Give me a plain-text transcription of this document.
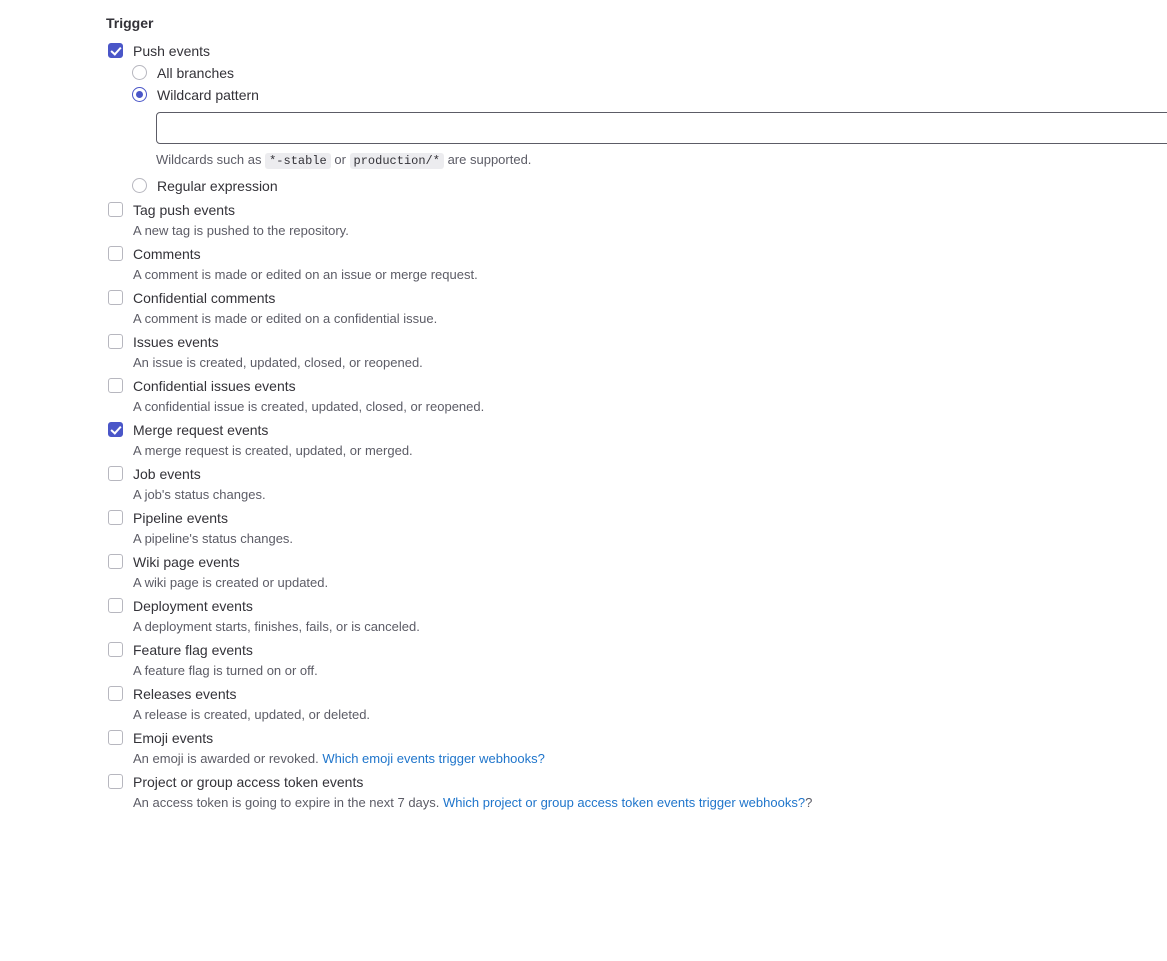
Trigger
Push events
All branches
Wildcard pattern
Wildcards such as *-stable or production/* are supported.
Regular expression
Tag push events
A new tag is pushed to the repository.
Comments
A comment is made or edited on an issue or merge request.
Confidential comments
A comment is made or edited on a confidential issue.
Issues events
An issue is created, updated, closed, or reopened.
Confidential issues events
A confidential issue is created, updated, closed, or reopened.
Merge request events
A merge request is created, updated, or merged.
Job events
A job's status changes.
Pipeline events
A pipeline's status changes.
Wiki page events
A wiki page is created or updated.
Deployment events
A deployment starts, finishes, fails, or is canceled.
Feature flag events
A feature flag is turned on or off.
Releases events
A release is created, updated, or deleted.
Emoji events
An emoji is awarded or revoked. Which emoji events trigger webhooks?
Project or group access token events
An access token is going to expire in the next 7 days. Which project or group access token events trigger webhooks??
